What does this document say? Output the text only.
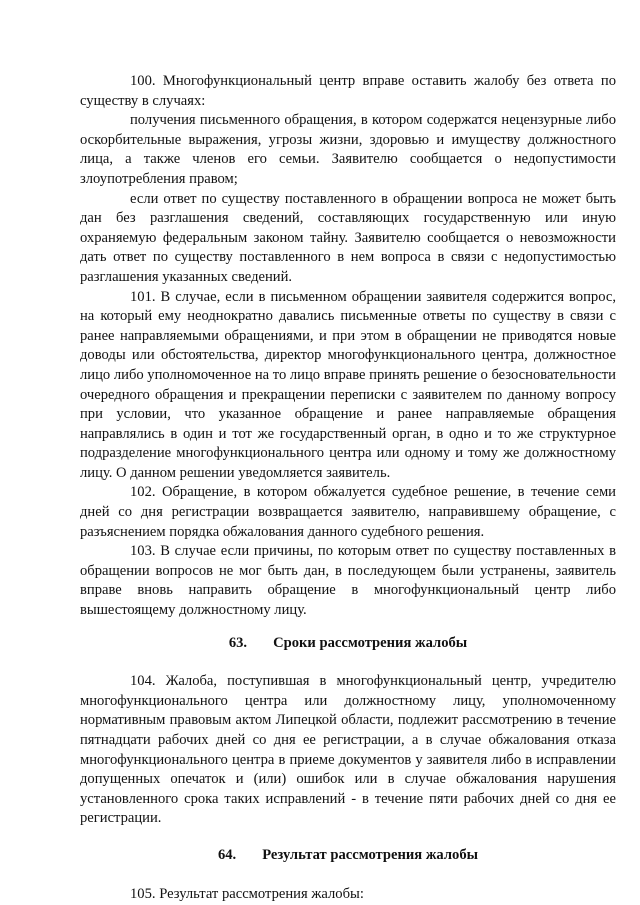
100. Многофункциональный центр вправе оставить жалобу без ответа по существу в случаях:

получения письменного обращения, в котором содержатся нецензурные либо оскорбительные выражения, угрозы жизни, здоровью и имуществу должностного лица, а также членов его семьи. Заявителю сообщается о недопустимости злоупотребления правом;

если ответ по существу поставленного в обращении вопроса не может быть дан без разглашения сведений, составляющих государственную или иную охраняемую федеральным законом тайну. Заявителю сообщается о невозможности дать ответ по существу поставленного в нем вопроса в связи с недопустимостью разглашения указанных сведений.

101. В случае, если в письменном обращении заявителя содержится вопрос, на который ему неоднократно давались письменные ответы по существу в связи с ранее направляемыми обращениями, и при этом в обращении не приводятся новые доводы или обстоятельства, директор многофункционального центра, должностное лицо либо уполномоченное на то лицо вправе принять решение о безосновательности очередного обращения и прекращении переписки с заявителем по данному вопросу при условии, что указанное обращение и ранее направляемые обращения направлялись в один и тот же государственный орган, в одно и то же структурное подразделение многофункционального центра или одному и тому же должностному лицу. О данном решении уведомляется заявитель.

102. Обращение, в котором обжалуется судебное решение, в течение семи дней со дня регистрации возвращается заявителю, направившему обращение, с разъяснением порядка обжалования данного судебного решения.

103. В случае если причины, по которым ответ по существу поставленных в обращении вопросов не мог быть дан, в последующем были устранены, заявитель вправе вновь направить обращение в многофункциональный центр либо вышестоящему должностному лицу.

63. Сроки рассмотрения жалобы

104. Жалоба, поступившая в многофункциональный центр, учредителю многофункционального центра или должностному лицу, уполномоченному нормативным правовым актом Липецкой области, подлежит рассмотрению в течение пятнадцати рабочих дней со дня ее регистрации, а в случае обжалования отказа многофункционального центра в приеме документов у заявителя либо в исправлении допущенных опечаток и (или) ошибок или в случае обжалования нарушения установленного срока таких исправлений - в течение пяти рабочих дней со дня ее регистрации.

64. Результат рассмотрения жалобы

105. Результат рассмотрения жалобы:
